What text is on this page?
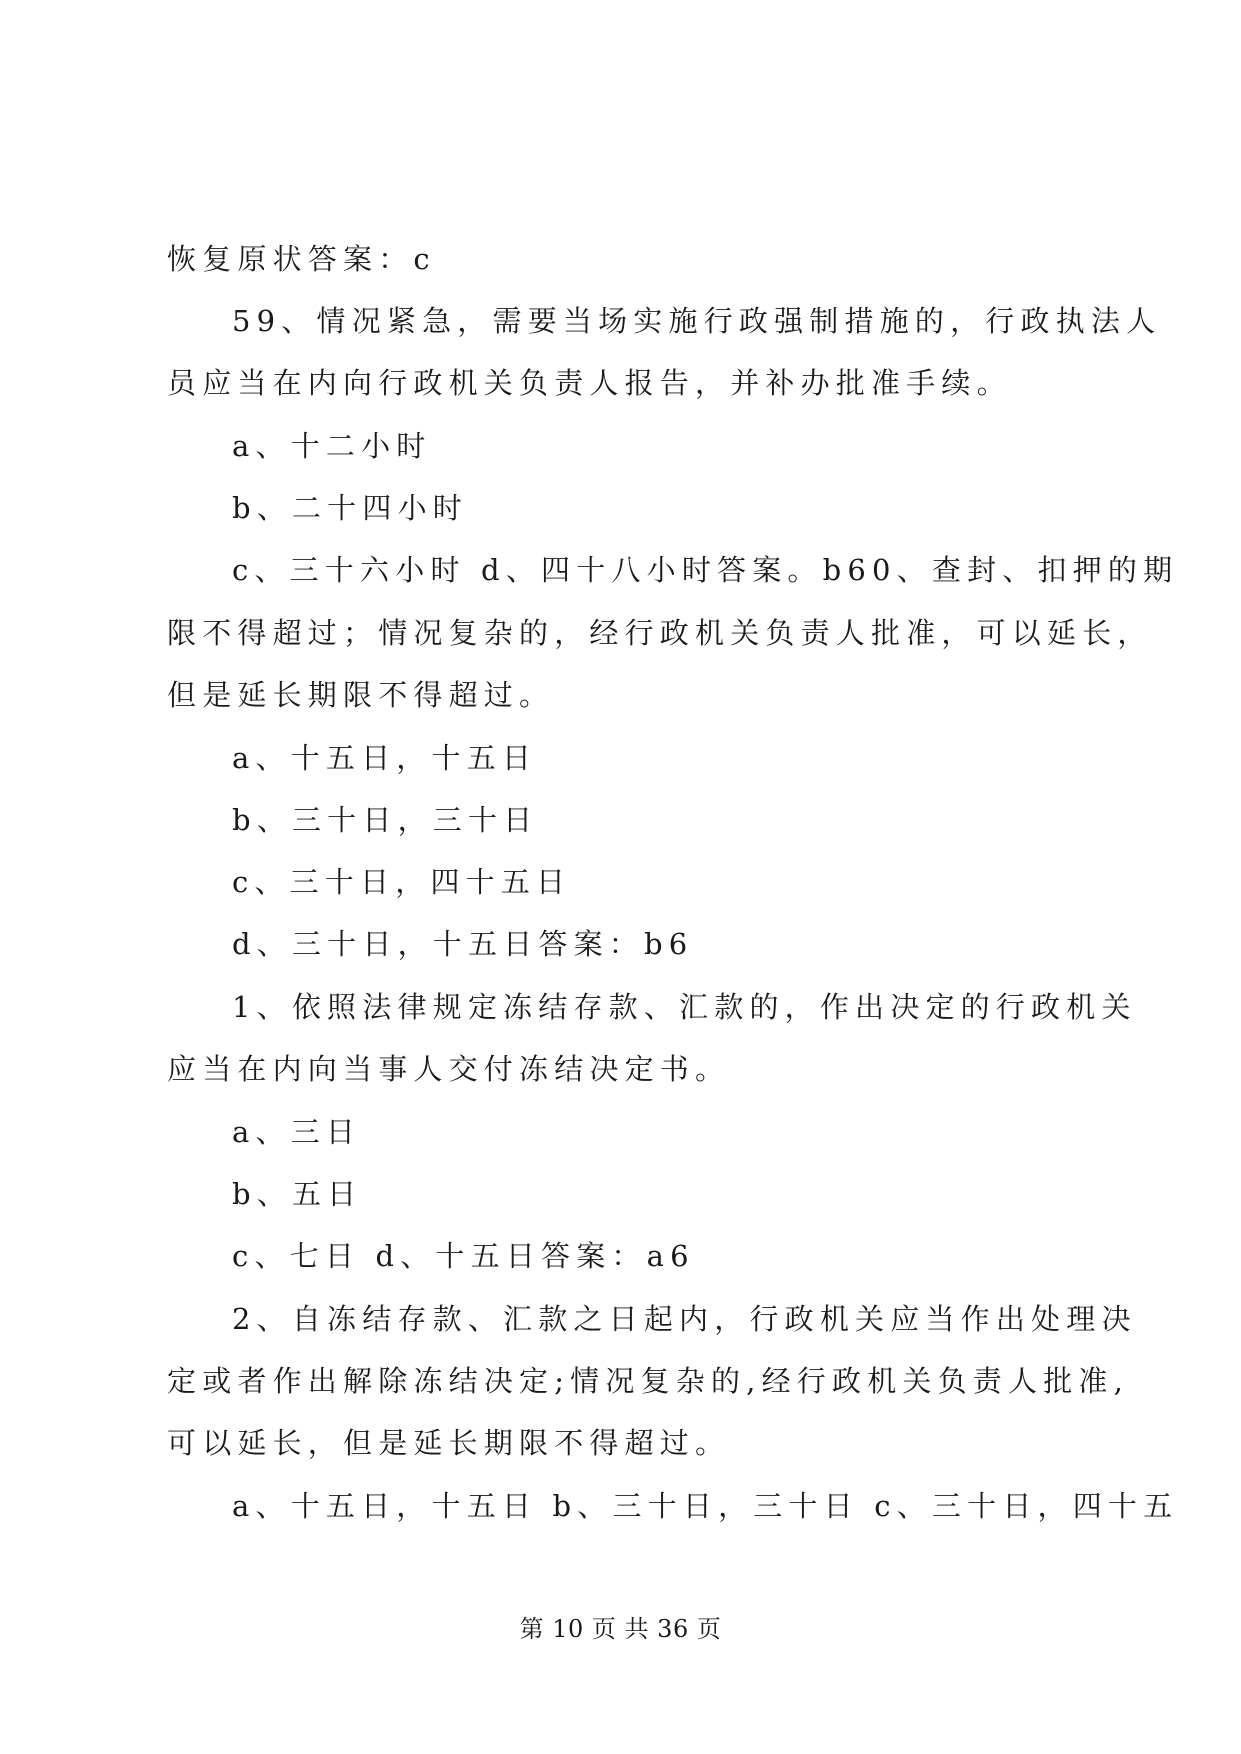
恢复原状答案：c
59、情况紧急，需要当场实施行政强制措施的，行政执法人
员应当在内向行政机关负责人报告，并补办批准手续。
a、十二小时
b、二十四小时
c、三十六小时 d、四十八小时答案。b60、查封、扣押的期
限不得超过；情况复杂的，经行政机关负责人批准，可以延长，
但是延长期限不得超过。
a、十五日，十五日
b、三十日，三十日
c、三十日，四十五日
d、三十日，十五日答案：b6
1、依照法律规定冻结存款、汇款的，作出决定的行政机关
应当在内向当事人交付冻结决定书。
a、三日
b、五日
c、七日 d、十五日答案：a6
2、自冻结存款、汇款之日起内，行政机关应当作出处理决
定或者作出解除冻结决定;情况复杂的,经行政机关负责人批准,
可以延长，但是延长期限不得超过。
a、十五日，十五日 b、三十日，三十日 c、三十日，四十五
第 10 页 共 36 页
